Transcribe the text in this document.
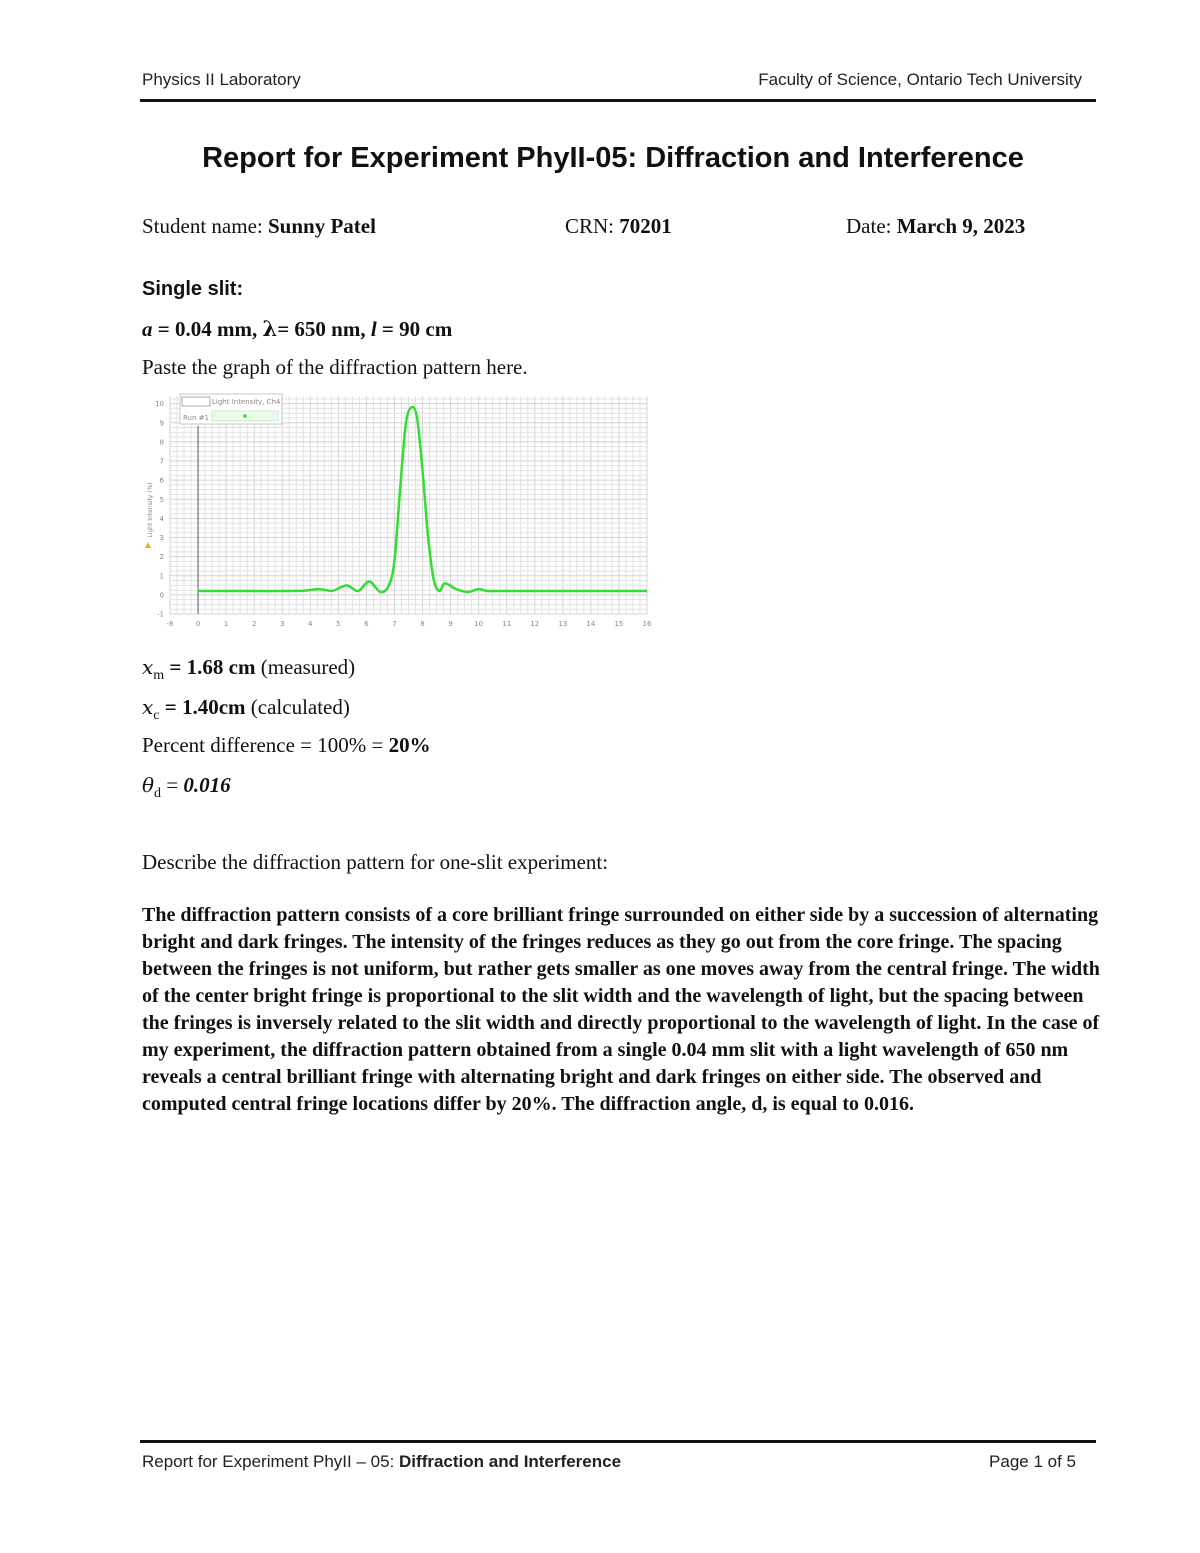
Physics II Laboratory	Faculty of Science, Ontario Tech University
Report for Experiment PhyII-05: Diffraction and Interference
Student name: Sunny Patel	CRN: 70201	Date: March 9, 2023
Single slit:
a = 0.04 mm, λ= 650 nm, l = 90 cm
Paste the graph of the diffraction pattern here.
-8	0	1	2	3	4	5	6	7	8	9	10	11	12	13	14	15	16
-1
0
1
2
3
4
5
6
7
8
9
10	Light Intensity, Ch4
Run #1
Light Intensity (%)
$x_m = 1.68$ cm (measured)
$x_c = 1.40cm$ (calculated)
Percent difference = 100% = 20%
$\theta_d = 0.016$
Describe the diffraction pattern for one-slit experiment:
The diffraction pattern consists of a core brilliant fringe surrounded on either side by a succession of alternating bright and dark fringes. The intensity of the fringes reduces as they go out from the core fringe. The spacing between the fringes is not uniform, but rather gets smaller as one moves away from the central fringe. The width of the center bright fringe is proportional to the slit width and the wavelength of light, but the spacing between the fringes is inversely related to the slit width and directly proportional to the wavelength of light. In the case of my experiment, the diffraction pattern obtained from a single 0.04 mm slit with a light wavelength of 650 nm reveals a central brilliant fringe with alternating bright and dark fringes on either side. The observed and computed central fringe locations differ by 20%. The diffraction angle, d, is equal to 0.016.
Report for Experiment PhyII – 05: Diffraction and Interference	Page 1 of 5
